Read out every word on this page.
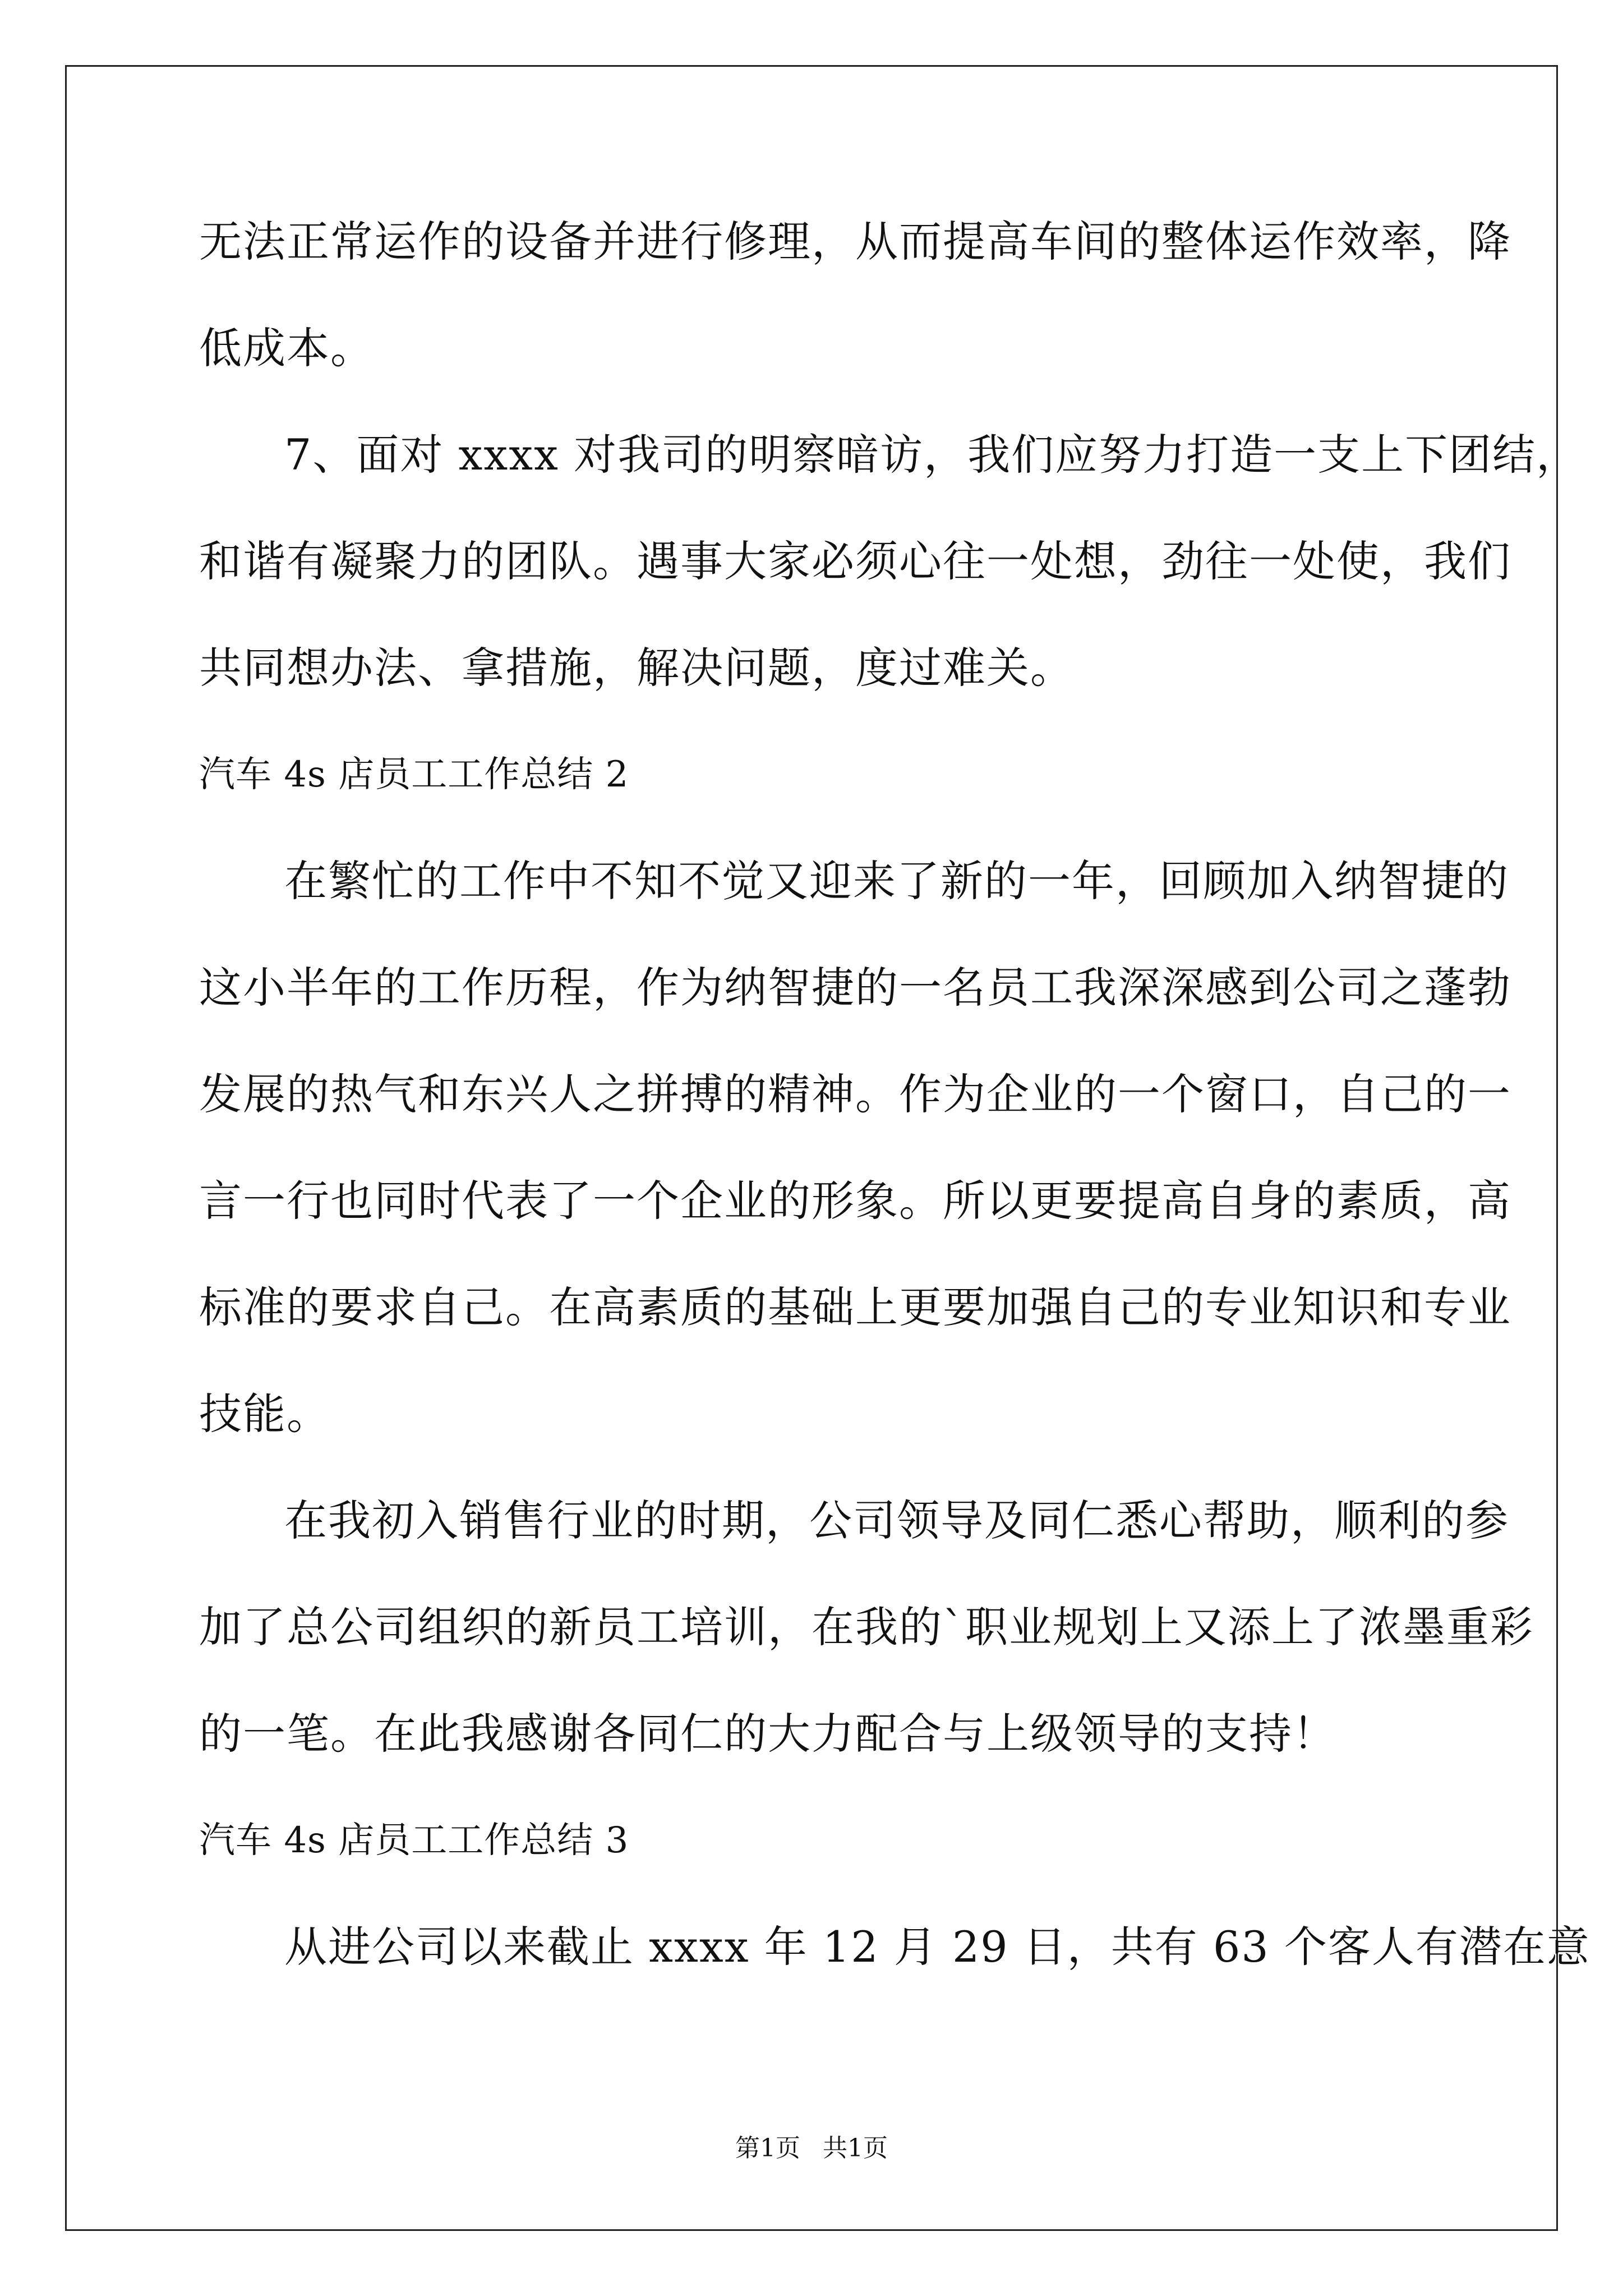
无法正常运作的设备并进行修理，从而提高车间的整体运作效率，降
低成本。
7、面对 xxxx 对我司的明察暗访，我们应努力打造一支上下团结，
和谐有凝聚力的团队。遇事大家必须心往一处想，劲往一处使，我们
共同想办法、拿措施，解决问题，度过难关。
汽车 4s 店员工工作总结 2
在繁忙的工作中不知不觉又迎来了新的一年，回顾加入纳智捷的
这小半年的工作历程，作为纳智捷的一名员工我深深感到公司之蓬勃
发展的热气和东兴人之拼搏的精神。作为企业的一个窗口，自己的一
言一行也同时代表了一个企业的形象。所以更要提高自身的素质，高
标准的要求自己。在高素质的基础上更要加强自己的专业知识和专业
技能。
在我初入销售行业的时期，公司领导及同仁悉心帮助，顺利的参
加了总公司组织的新员工培训，在我的`职业规划上又添上了浓墨重彩
的一笔。在此我感谢各同仁的大力配合与上级领导的支持！
汽车 4s 店员工工作总结 3
从进公司以来截止 xxxx 年 12 月 29 日，共有 63 个客人有潜在意
第1页 共1页
